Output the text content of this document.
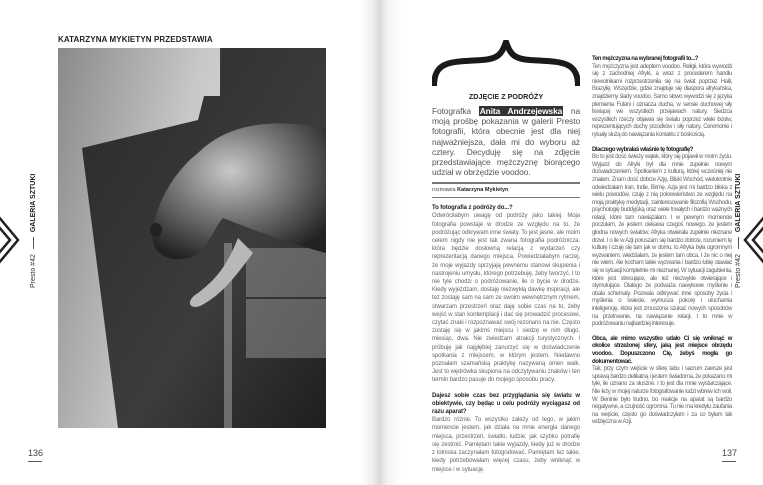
KATARZYNA MYKIETYN PRZEDSTAWIA
Presto #42GALERIA SZTUKI
136
ZDJĘCIE Z PODRÓŻY
Fotografka Anita Andrzejewska na moją prośbę pokazania w galerii Presto fotografii, która obecnie jest dla niej najważniejsza, dała mi do wyboru aż cztery. Decyduję się na zdjęcie przedstawiające mężczyznę biorącego udział w obrzędzie voodoo.
rozmawia Katarzyna Mykietyn
To fotografia z podróży do...?

Odwróciłabym uwagę od podróży jako takiej. Moja fotografia powstaje w drodze ze względu na to, że podróżując odkrywam inne światy. To jest jasne, ale moim celem nigdy nie jest tak zwana fotografia podróżnicza, która będzie dosłowną relacją z wydarzeń czy reprezentacją danego miejsca. Powiedziałabym raczej, że moje wyjazdy sprzyjają pewnemu stanowi skupienia i nastrojeniu umysłu, którego potrzebuję, żeby tworzyć. I to nie tyle chodzi o podróżowanie, ile o bycie w drodze. Kiedy wyjeżdżam, dostaję niezwykłą dawkę inspiracji, ale też zostaję sam na sam ze swoim wewnętrznym rytmem, stwarzam przestrzeń oraz daję sobie czas na to, żeby wejść w stan kontemplacji i dać się prowadzić procesowi, czytać znaki i rozpoznawać swój rezonans na nie. Często zostaję się w jakimś miejscu i siedzę w nim długo, miesiąc, dwa. Nie zwiedzam atrakcji turystycznych. I próbuję jak najgłębiej zanurzyć się w doświadczenie spotkania z miejscem, w którym jestem. Niedawno poznałam szamańską praktykę nazywaną omen walk. Jest to wędrówka skupiona na odczytywaniu znaków i ten termin bardzo pasuje do mojego sposobu pracy.

Dajesz sobie czas bez przyglądania się światu w obiektywie, czy będąc u celu podróży wyciągasz od razu aparat?

Bardzo różnie. To wszystko zależy od tego, w jakim momencie jestem, jak działa na mnie energia danego miejsca, przestrzeń, światło, ludzie; jak szybko potrafię się zestroić. Pamiętam takie wyjazdy, kiedy już w drodze z lotniska zaczynałam fotografować. Pamiętam też takie, kiedy potrzebowałam więcej czasu, żeby wniknąć w miejsce i w sytuację.

Ten mężczyzna na wybranej fotografii to...?

Ten mężczyzna jest adeptem voodoo. Religii, która wywodzi się z zachodniej Afryki, a wraz z procederem handlu niewolnikami rozprzestrzeniła się na świat poprzez Haiti, Brazylię. Wszędzie, gdzie znajduje się diaspora afrykańska, znajdziemy ślady voodoo. Samo słowo wywodzi się z języka plemienia Fulani i oznacza ducha, w sensie duchowej siły tkwiącej we wszystkich przejawach natury. Siedzca wszystkich rzeczy objawia się światu poprzez wiele bóstw, reprezentujących duchy przodków i siły natury. Ceremonie i rytuały służą do nawiązania kontaktu z boskością.

Dlaczego wybrałaś właśnie tę fotografię?

Bo to jest dość świeży wątek, który się pojawił w moim życiu. Wyjazd do Afryki był dla mnie zupełnie nowym doświadczeniem. Spotkaniem z kulturą, której wcześniej nie znałam. Znam dość dobrze Azję, Bliski Wschód, wielokrotnie odwiedzałam Iran, Indie, Birmę. Azja jest mi bardzo bliska z wielu powodów, czuję z nią pokrewieństwo ze względu na moją praktykę medytacji, zainteresowanie filozofią Wschodu, psychologię buddyjską oraz wiele trwałych i bardzo ważnych relacji, które tam nawiązałam. I w pewnym momencie poczułam, że jestem ciekawa czegoś nowego, że jestem głodna nowych światów. Afryka otwierała zupełnie nieznane drzwi. I o ile w Azji poruszam się bardzo dobrze, rozumiem tę kulturę i czuję się tam jak w domu, to Afryka była ogromnym wyzwaniem, wiedziałam, że jestem tam obca. I że nic o niej nie wiem. Ale kocham takie wyzwania i bardzo lubię stawiać się w sytuacji kompletnie mi nieznanej. W sytuacji zagubienia, które jest stresujące, ale też niezwykle otwierające i stymulujące. Dlatego że podważa nawykowe myślenie i obala schematy. Pozwala odkrywać inne sposoby życia i myślenia o świecie, wymusza pokorę i uruchamia inteligencję, która jest zmuszona szukać nowych sposobów na przetrwanie, na nawiązanie relacji. I to mnie w podróżowaniu najbardziej interesuje.

Obca, ale mimo wszystko udało Ci się wniknąć w okolice strzeżonej sfery, jaką jest miejsce obrzędu voodoo. Dopuszczono Cię, żebyś mogła go dokumentować.

Tak, przy czym wejście w sferę tabu i sacrum zawsze jest sprawą bardzo delikatną i jestem świadoma, że pokazano mi tyle, ile uznano za słuszne. I to jest dla mnie wystarczające. Nie leży w mojej naturze fotografowanie ludzi wbrew ich woli. W Beninie było trudno, bo reakcje na aparat są bardzo negatywne, a czujność ogromna. Tu nie ma kredytu zaufania na wejście, często go doświadczyłam i za co byłam tak wdzięczna w Azji.

Presto #42GALERIA SZTUKI
137
